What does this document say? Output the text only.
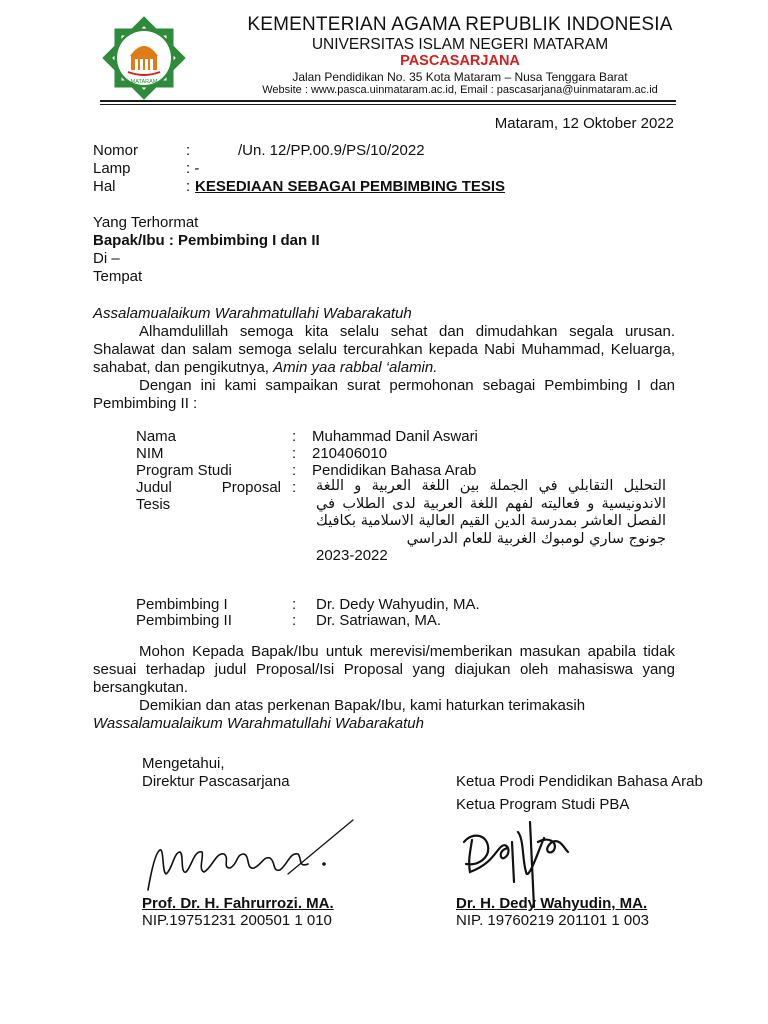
MATARAM
KEMENTERIAN AGAMA REPUBLIK INDONESIA
UNIVERSITAS ISLAM NEGERI MATARAM
PASCASARJANA
Jalan Pendidikan No. 35 Kota Mataram – Nusa Tenggara Barat
Website : www.pasca.uinmataram.ac.id, Email : pascasarjana@uinmataram.ac.id
Mataram, 12 Oktober 2022
Nomor	:	/Un. 12/PP.00.9/PS/10/2022
Lamp	: -
Hal	: KESEDIAAN SEBAGAI PEMBIMBING TESIS
Yang Terhormat
Bapak/Ibu : Pembimbing I dan II
Di –
Tempat
Assalamualaikum Warahmatullahi Wabarakatuh
Alhamdulillah semoga kita selalu sehat dan dimudahkan segala urusan. Shalawat dan salam semoga selalu tercurahkan kepada Nabi Muhammad, Keluarga, sahabat, dan pengikutnya, Amin yaa rabbal ‘alamin.
Dengan ini kami sampaikan surat permohonan sebagai Pembimbing I dan Pembimbing II :
Nama	: Muhammad Danil Aswari
NIM	: 210406010
Program Studi	: Pendidikan Bahasa Arab
Judul Proposal
Tesis
: التحليل التقابلي في الجملة بين اللغة العربية و اللغة الاندونيسية و فعاليته لفهم اللغة العربية لدى الطلاب في الفصل العاشر بمدرسة الدين القيم العالية الاسلامية بكافيك جونوج ساري لومبوك الغربية للعام الدراسي
2023-2022
Pembimbing I	: Dr. Dedy Wahyudin, MA.
Pembimbing II	: Dr. Satriawan, MA.
Mohon Kepada Bapak/Ibu untuk merevisi/memberikan masukan apabila tidak sesuai terhadap judul Proposal/Isi Proposal yang diajukan oleh mahasiswa yang bersangkutan.
Demikian dan atas perkenan Bapak/Ibu, kami haturkan terimakasih
Wassalamualaikum Warahmatullahi Wabarakatuh
Mengetahui,
Direktur Pascasarjana	Ketua Prodi Pendidikan Bahasa Arab
Ketua Program Studi PBA
Prof. Dr. H. Fahrurrozi. MA.
NIP.19751231 200501 1 010
Dr. H. Dedy Wahyudin, MA.
NIP. 19760219 201101 1 003
